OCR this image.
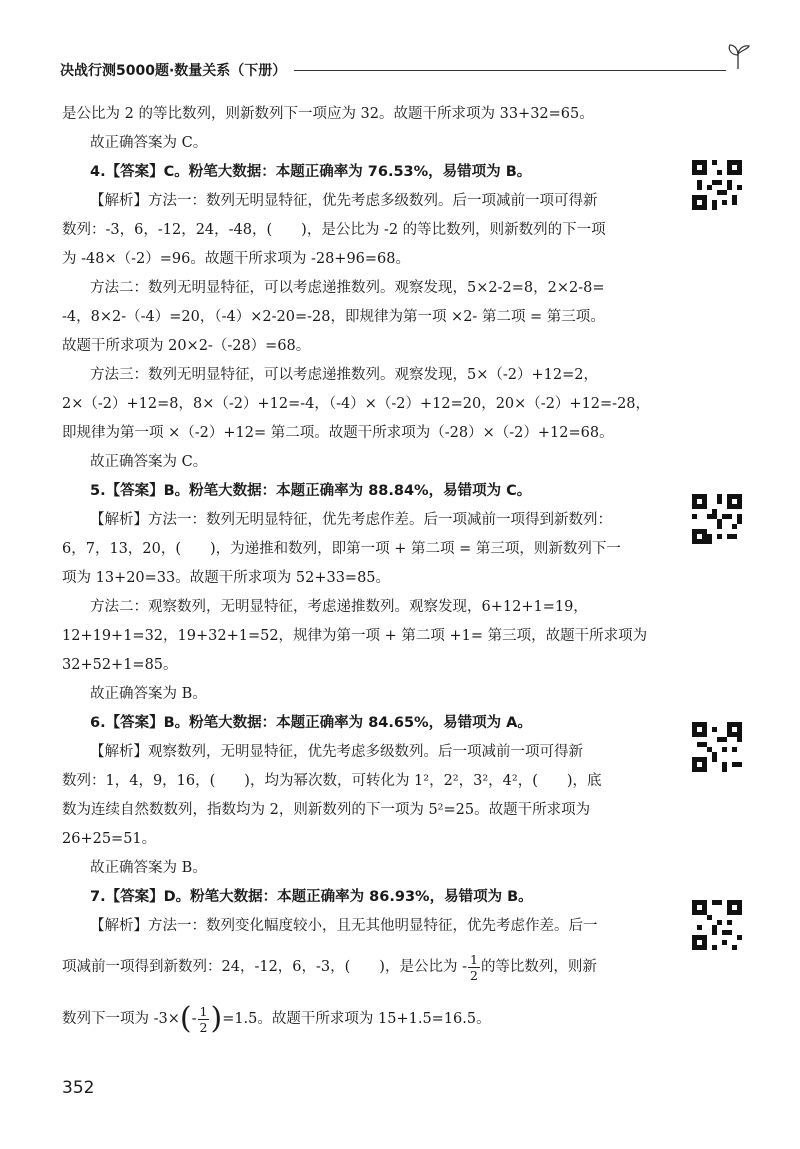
决战行测5000题·数量关系（下册）
是公比为 2 的等比数列，则新数列下一项应为 32。故题干所求项为 33+32=65。
故正确答案为 C。
4.【答案】C。粉笔大数据：本题正确率为 76.53%，易错项为 B。
【解析】方法一：数列无明显特征，优先考虑多级数列。后一项减前一项可得新
数列：-3，6，-12，24，-48，(　　)，是公比为 -2 的等比数列，则新数列的下一项
为 -48×（-2）=96。故题干所求项为 -28+96=68。
方法二：数列无明显特征，可以考虑递推数列。观察发现，5×2-2=8，2×2-8=
-4，8×2-（-4）=20，（-4）×2-20=-28，即规律为第一项 ×2- 第二项 = 第三项。
故题干所求项为 20×2-（-28）=68。
方法三：数列无明显特征，可以考虑递推数列。观察发现，5×（-2）+12=2，
2×（-2）+12=8，8×（-2）+12=-4，（-4）×（-2）+12=20，20×（-2）+12=-28，
即规律为第一项 ×（-2）+12= 第二项。故题干所求项为（-28）×（-2）+12=68。
故正确答案为 C。
5.【答案】B。粉笔大数据：本题正确率为 88.84%，易错项为 C。
【解析】方法一：数列无明显特征，优先考虑作差。后一项减前一项得到新数列：
6，7，13，20，(　　)，为递推和数列，即第一项 + 第二项 = 第三项，则新数列下一
项为 13+20=33。故题干所求项为 52+33=85。
方法二：观察数列，无明显特征，考虑递推数列。观察发现，6+12+1=19，
12+19+1=32，19+32+1=52，规律为第一项 + 第二项 +1= 第三项，故题干所求项为
32+52+1=85。
故正确答案为 B。
6.【答案】B。粉笔大数据：本题正确率为 84.65%，易错项为 A。
【解析】观察数列，无明显特征，优先考虑多级数列。后一项减前一项可得新
数列：1，4，9，16，(　　)，均为幂次数，可转化为 1²，2²，3²，4²，(　　)，底
数为连续自然数数列，指数均为 2，则新数列的下一项为 5²=25。故题干所求项为
26+25=51。
故正确答案为 B。
7.【答案】D。粉笔大数据：本题正确率为 86.93%，易错项为 B。
【解析】方法一：数列变化幅度较小，且无其他明显特征，优先考虑作差。后一
项减前一项得到新数列：24，-12，6，-3，(　　)，是公比为 - $\frac{1}{2}$ 的等比数列，则新
数列下一项为 $-3\times(- \frac{1}{2} )=1.5$。故题干所求项为 15+1.5=16.5。
352
